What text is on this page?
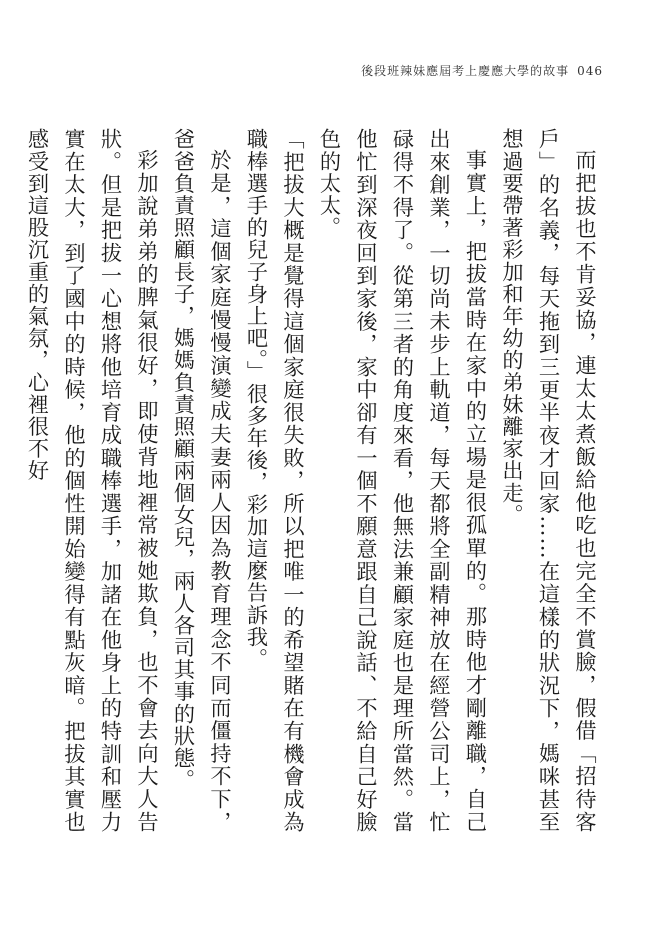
後段班辣妹應屆考上慶應大學的故事 046

而把拔也不肯妥協，連太太煮飯給他吃也完全不賞臉，假借「招待客戶」的名義，每天拖到三更半夜才回家……在這樣的狀況下，媽咪甚至想過要帶著彩加和年幼的弟妹離家出走。

事實上，把拔當時在家中的立場是很孤單的。那時他才剛離職，自己出來創業，一切尚未步上軌道，每天都將全副精神放在經營公司上，忙碌得不得了。從第三者的角度來看，他無法兼顧家庭也是理所當然。當他忙到深夜回到家後，家中卻有一個不願意跟自己說話、不給自己好臉色的太太。

「把拔大概是覺得這個家庭很失敗，所以把唯一的希望賭在有機會成為職棒選手的兒子身上吧。」很多年後，彩加這麼告訴我。

於是，這個家庭慢慢演變成夫妻兩人因為教育理念不同而僵持不下，爸爸負責照顧長子，媽媽負責照顧兩個女兒，兩人各司其事的狀態。

彩加說弟弟的脾氣很好，即使背地裡常被她欺負，也不會去向大人告狀。但是把拔一心想將他培育成職棒選手，加諸在他身上的特訓和壓力實在太大，到了國中的時候，他的個性開始變得有點灰暗。把拔其實也感受到這股沉重的氣氛，心裡很不好
